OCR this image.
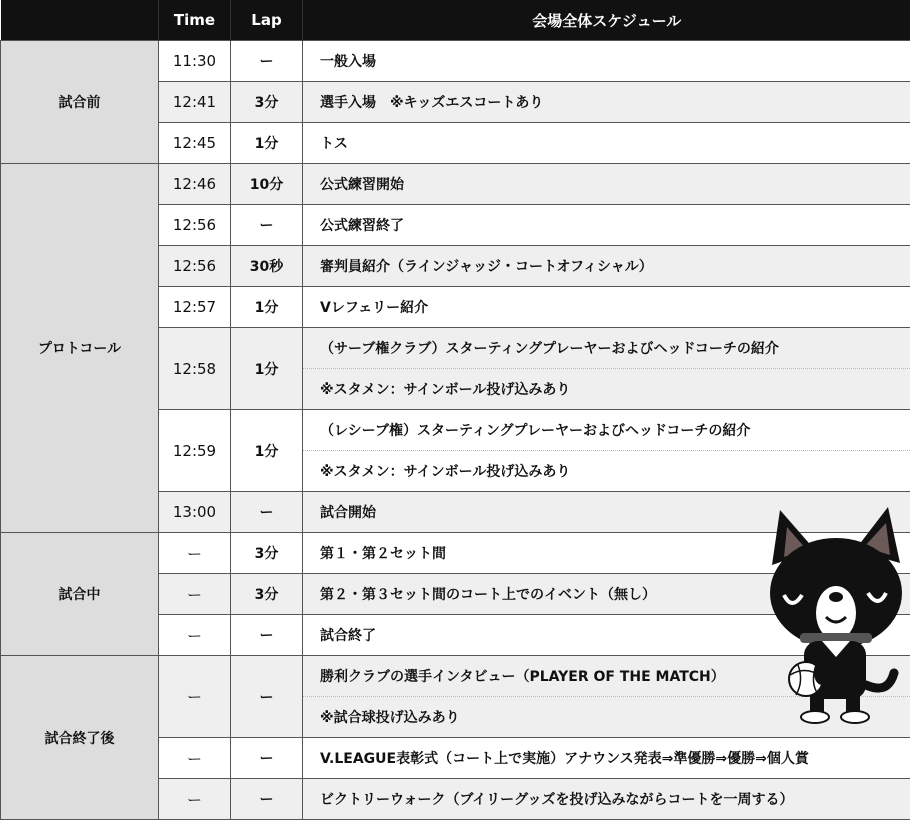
	Time	Lap	会場全体スケジュール
試合前	11:30	ー	一般入場
	12:41	3分	選手入場　※キッズエスコートあり
	12:45	1分	トス
プロトコール	12:46	10分	公式練習開始
	12:56	ー	公式練習終了
	12:56	30秒	審判員紹介（ラインジャッジ・コートオフィシャル）
	12:57	1分	Vレフェリー紹介
	12:58	1分	（サーブ権クラブ）スターティングプレーヤーおよびヘッドコーチの紹介
			※スタメン：サインボール投げ込みあり
	12:59	1分	（レシーブ権）スターティングプレーヤーおよびヘッドコーチの紹介
			※スタメン：サインボール投げ込みあり
	13:00	ー	試合開始
試合中	ー	3分	第１・第２セット間
	ー	3分	第２・第３セット間のコート上でのイベント（無し）
	ー	ー	試合終了
試合終了後	ー	ー	勝利クラブの選手インタビュー（PLAYER OF THE MATCH）
			※試合球投げ込みあり
	ー	ー	V.LEAGUE表彰式（コート上で実施）アナウンス発表⇒準優勝⇒優勝⇒個人賞
	ー	ー	ビクトリーウォーク（ブイリーグッズを投げ込みながらコートを一周する）
